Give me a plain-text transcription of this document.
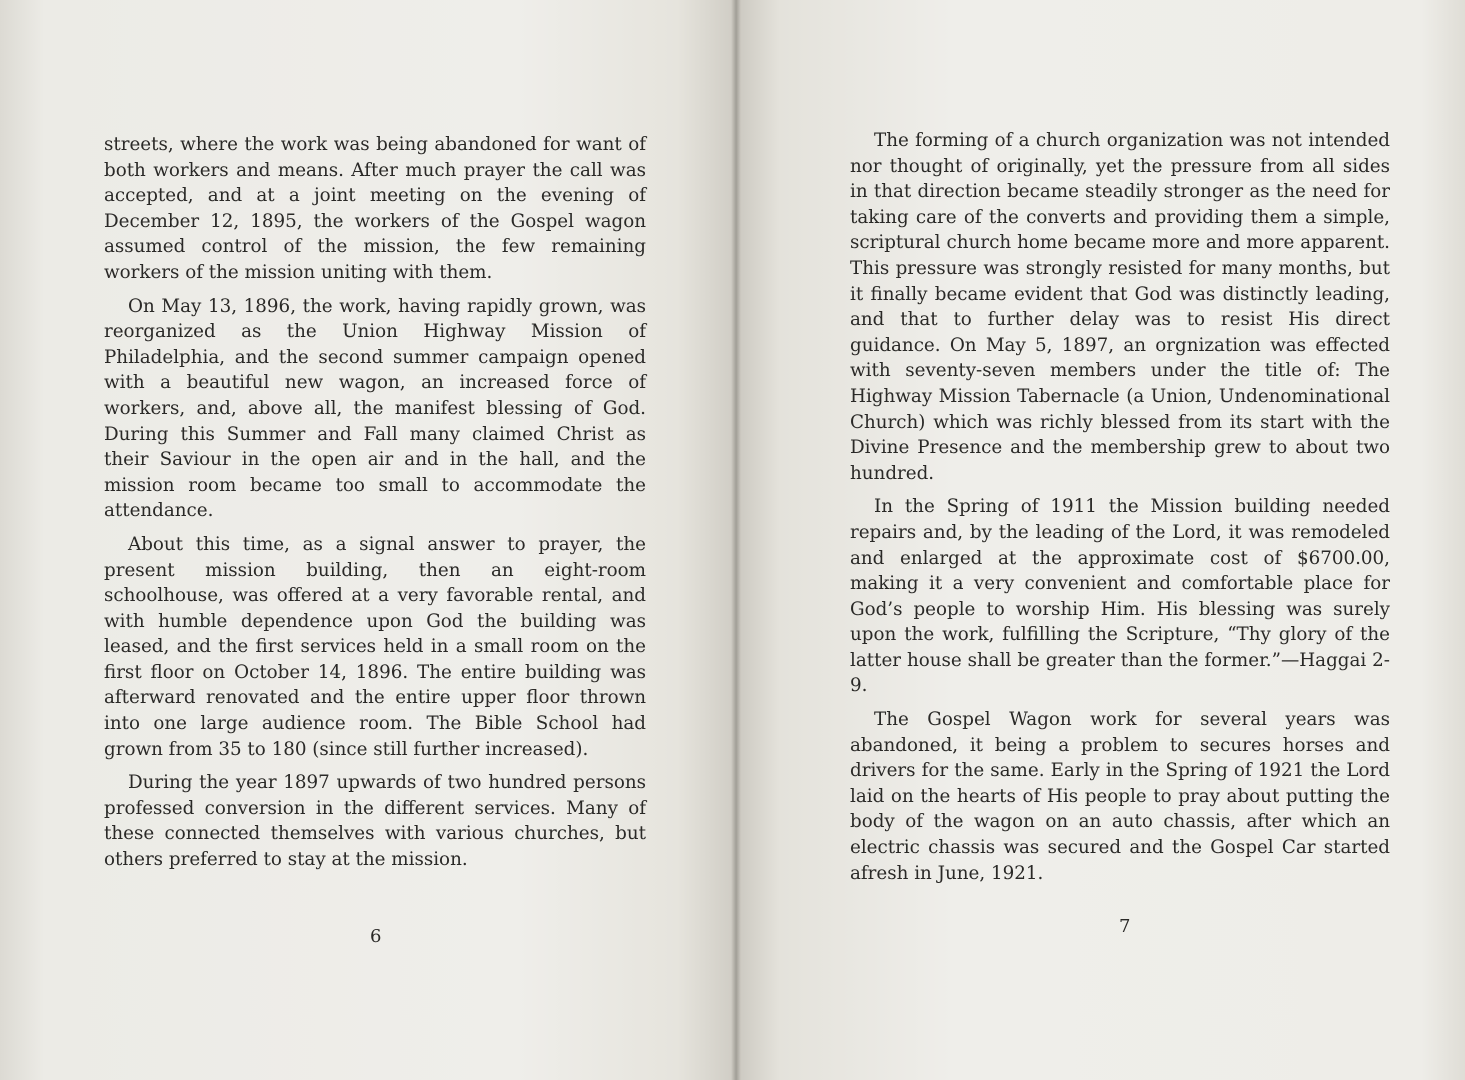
streets, where the work was being abandoned for want of both workers and means. After much prayer the call was accepted, and at a joint meeting on the evening of December 12, 1895, the workers of the Gospel wagon assumed control of the mission, the few remaining workers of the mission uniting with them.

On May 13, 1896, the work, having rapidly grown, was reorganized as the Union Highway Mission of Philadelphia, and the second summer campaign opened with a beautiful new wagon, an increased force of workers, and, above all, the manifest blessing of God. During this Summer and Fall many claimed Christ as their Saviour in the open air and in the hall, and the mission room became too small to accommodate the attendance.

About this time, as a signal answer to prayer, the present mission building, then an eight-room schoolhouse, was offered at a very favorable rental, and with humble dependence upon God the building was leased, and the first services held in a small room on the first floor on October 14, 1896. The entire building was afterward renovated and the entire upper floor thrown into one large audience room. The Bible School had grown from 35 to 180 (since still further increased).

During the year 1897 upwards of two hundred persons professed conversion in the different services. Many of these connected themselves with various churches, but others preferred to stay at the mission.

6

The forming of a church organization was not intended nor thought of originally, yet the pressure from all sides in that direction became steadily stronger as the need for taking care of the converts and providing them a simple, scriptural church home became more and more apparent. This pressure was strongly resisted for many months, but it finally became evident that God was distinctly leading, and that to further delay was to resist His direct guidance. On May 5, 1897, an orgnization was effected with seventy-seven members under the title of: The Highway Mission Tabernacle (a Union, Undenominational Church) which was richly blessed from its start with the Divine Presence and the membership grew to about two hundred.

In the Spring of 1911 the Mission building needed repairs and, by the leading of the Lord, it was remodeled and enlarged at the approximate cost of $6700.00, making it a very convenient and comfortable place for God’s people to worship Him. His blessing was surely upon the work, fulfilling the Scripture, “Thy glory of the latter house shall be greater than the former.”—Haggai 2-9.

The Gospel Wagon work for several years was abandoned, it being a problem to secures horses and drivers for the same. Early in the Spring of 1921 the Lord laid on the hearts of His people to pray about putting the body of the wagon on an auto chassis, after which an electric chassis was secured and the Gospel Car started afresh in June, 1921.

7
